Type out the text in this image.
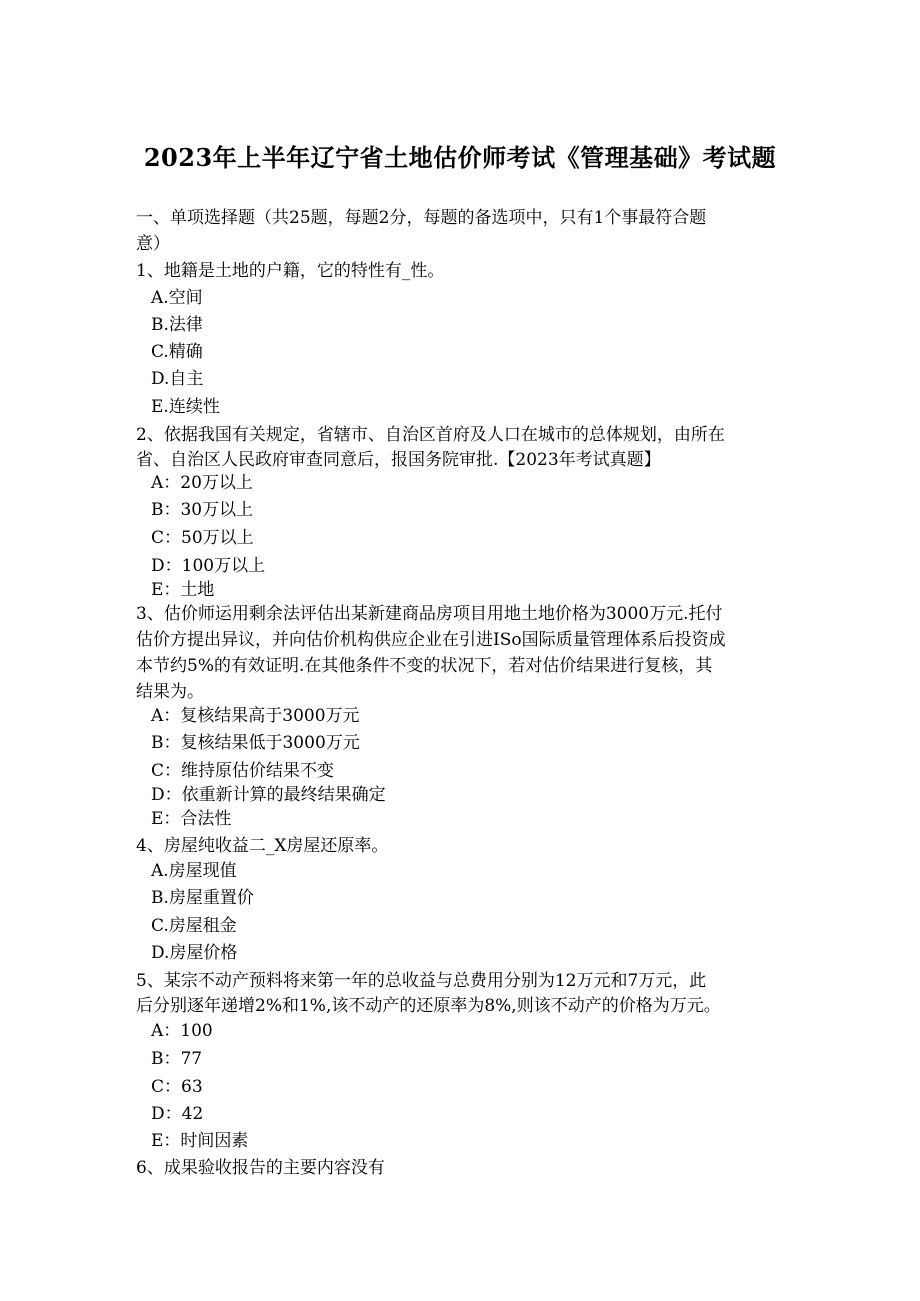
2023年上半年辽宁省土地估价师考试《管理基础》考试题

一、单项选择题（共25题，每题2分，每题的备选项中，只有1个事最符合题

意）

1、地籍是土地的户籍，它的特性有_性。

A.空间

B.法律

C.精确

D.自主

E.连续性

2、依据我国有关规定，省辖市、自治区首府及人口在城市的总体规划，由所在

省、自治区人民政府审查同意后，报国务院审批.【2023年考试真题】

A：20万以上

B：30万以上

C：50万以上

D：100万以上

E：土地

3、估价师运用剩余法评估出某新建商品房项目用地土地价格为3000万元.托付

估价方提出异议，并向估价机构供应企业在引进ISo国际质量管理体系后投资成

本节约5%的有效证明.在其他条件不变的状况下，若对估价结果进行复核，其

结果为。

A：复核结果高于3000万元

B：复核结果低于3000万元

C：维持原估价结果不变

D：依重新计算的最终结果确定

E：合法性

4、房屋纯收益二_X房屋还原率。

A.房屋现值

B.房屋重置价

C.房屋租金

D.房屋价格

5、某宗不动产预料将来第一年的总收益与总费用分别为12万元和7万元，此

后分别逐年递增2%和1%,该不动产的还原率为8%,则该不动产的价格为万元。

A：100

B：77

C：63

D：42

E：时间因素

6、成果验收报告的主要内容没有
